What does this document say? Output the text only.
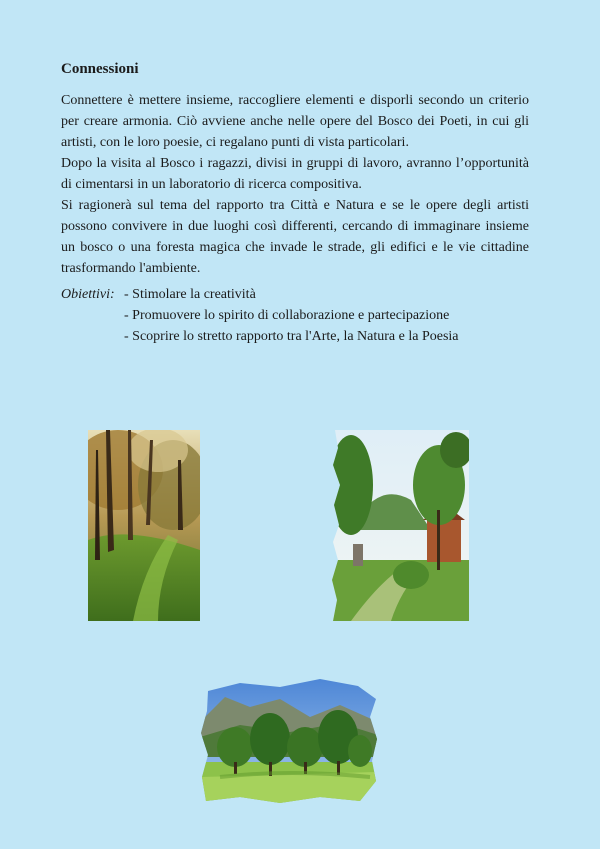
Connessioni

Connettere è mettere insieme, raccogliere elementi e disporli secondo un criterio per creare armonia. Ciò avviene anche nelle opere del Bosco dei Poeti, in cui gli artisti, con le loro poesie, ci regalano punti di vista particolari.

Dopo la visita al Bosco i ragazzi, divisi in gruppi di lavoro, avranno l’opportunità di cimentarsi in un laboratorio di ricerca compositiva.

Si ragionerà sul tema del rapporto tra Città e Natura e se le opere degli artisti possono convivere in due luoghi così differenti, cercando di immaginare insieme un bosco o una foresta magica che invade le strade, gli edifici e le vie cittadine trasformando l'ambiente.

Obiettivi: - Stimolare la creatività
- Promuovere lo spirito di collaborazione e partecipazione
- Scoprire lo stretto rapporto tra l'Arte, la Natura e la Poesia
